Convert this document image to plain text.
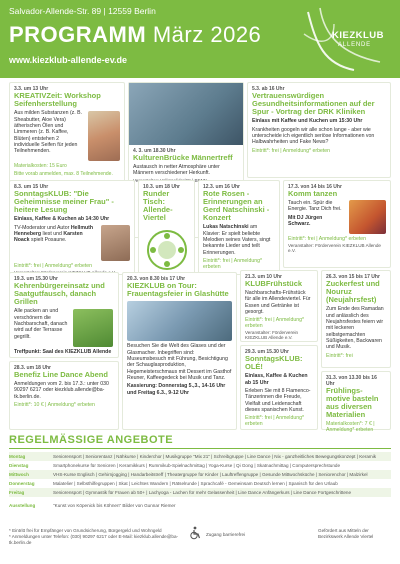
Salvador-Allende-Str. 89 | 12559 Berlin
PROGRAMM März 2026
www.kiezklub-allende-ev.de
KIEZKLUB
ALLENDE
3.3. um 13 Uhr
KREATIVZeit: Workshop Seifenherstellung
Aus milden Substanzen (z. B. Sheabutter, Aloe Vera) ätherischen Ölen und Limmeren (z. B. Kaffee, Blüten) entstehen 2 individuelle Seifen für jeden Teilnehmenden.
Materialkosten: 15 Euro
Bitte vorab anmelden, max. 8 Teilnehmende.
4. 3. um 18.30 Uhr
KulturenBrücke Männertreff
Austausch in netter Atmosphäre unter Männern verschiedener Herkunft.
5.3. ab 16 Uhr
Vertrauenswürdigen Gesundheitsinformationen auf der Spur - Vortrag der DRK Kliniken
Einlass mit Kaffee und Kuchen um 15:30 Uhr
Krankheiten googeln wir alle schon lange - aber wie unterscheide ich eigentlich seriöse Informationen von Halbwahrheiten und Fake News?
Eintritt*: frei | Anmeldung* erbeten
8.3. um 15 Uhr
SonntagsKLUB: "Die Geheimnisse meiner Frau" - heitere Lesung
Einlass, Kaffee & Kuchen ab 14:30 Uhr
TV-Moderator und Autor Hellmuth Henneberg liest und Karsten Noack spielt Posaune.
Eintritt*: frei | Anmeldung* erbeten
10.3. um 18 Uhr
Runder Tisch: Allende-Viertel
12.3. um 16 Uhr
Rote Rosen - Erinnerungen an Gerd Natschinski - Konzert
Lukas Natschinski am Klavier: Er spielt beliebte Melodien seines Vaters, singt bekannte Lieder und teilt Erinnerungen.
Eintritt*: frei | Anmeldung* erbeten
17.3. von 14 bis 16 Uhr
Komm tanzen
Tauch ein. Spür die Energie. Tanz Dich frei.
Mit DJ Jürgen Schwarz.
Eintritt*: frei | Anmeldung* erbeten
Veranstalter: Förderverein KIEZKLUB Allende e.V.
19.3. um 15.30 Uhr
Kehrenbürgereinsatz und Saatgutfausch, danach Grillen
Alle packen an und verschönern die Nachbarschaft, danach wird auf der Terrasse gegrillt.
Treffpunkt: Saal des KIEZKLUB Allende
20.3. von 8.30 bis 17 Uhr
KIEZKLUB on Tour: Frauentagsfeier in Glashütte
Besuchen Sie die Welt des Glases und der Glasmacher. Inbegriffen sind: Museumsbesuch mit Führung, Besichtigung der Schauglasproduktion, Hegemeisterschmaus mit Dessert im Gasthof Reuner, Kaffeegedeck bei Musik und Tanz.
Kassierung: Donnerstag 5.,3., 14-16 Uhr und Freitag 6.3., 9-12 Uhr
21.3. um 10 Uhr
KLUBFrühstück
Nachbarschafts-Frühstück für alle im Allendeviertel. Für Essen und Getränke ist gesorgt.
Eintritt*: frei | Anmeldung* erbeten
Veranstalter: Förderverein KIEZKLUB Allende e.V.
26.3. von 15 bis 17 Uhr
Zuckerfest und Nouruz (Neujahrsfest)
Zum Ende des Ramadan und anlässlich des Neujahrsfestes feiern wir mit leckeren selbstgemachten Süßigkeiten, Backwaren und Musik.
Eintritt*: frei
28.3. um 18 Uhr
Benefiz Line Dance Abend
Anmeldungen vom 2. bis 17.3.: unter 030 90297 6217 oder kiezklub.allende@ba-tk.berlin.de.
Eintritt*: 10 € | Anmeldung* erbeten
29.3. um 15.30 Uhr
SonntagsKLUB: OLÉ!
Einlass, Kaffee & Kuchen ab 15 Uhr
Erleben Sie mit 8 Flamenco-Tänzerinnen die Freude, Vielfalt und Leidenschaft dieses spanischen Kunst.
Eintritt*: frei | Anmeldung* erbeten
31.3. von 13.30 bis 16 Uhr
Frühlings-motive basteln aus diversen Materialien
Materialkosten*: 7 € | Anmeldung* erbeten
REGELMÄSSIGE ANGEBOTE
Montag	Seniorensport | Seniorentanz | Nähkurse | Kinderchor | Musikgruppe "Mix 21" | Schreibgruppe | Line Dance | Nix - ganzheitliches Bewegungskonzept | Keramik
Dienstag	Smartphonekurse für Senioren | Keramikkurs | Rummikub-Spielnachmittag | Yoga-Kurse | Qi Gong | Skatnachmittag | Computersprechstunde
Mittwoch	VHS-Kurse Englisch | Gehirnjogging | Handarbeitstreff | Theatergruppe für Kinder | Lauftreffengruppe | Gesunde Mittwochsküche | Seniorenchor | Malzirkel
Donnerstag	Malatelier | Selbsthilfegruppen | Skat | Leichtes Wandern | Rätselrunde | Sprachcafé - Gemeinsam Deutsch lernen | Spanisch für den Urlaub
Freitag	Seniorensport | Gymnastik für Frauen ab 50+ | Lachyoga - Lachen für mehr Gelassenheit | Line Dance Anfängerkurs | Line Dance Fortgeschrittene
Ausstellung	"Kunst von Köpenick bis Köhnen" Bilder von Gunnar Riemer
* Eintritt frei für Empfänger von Grundsicherung, Bürgergeld und Wohngeld
* Anmeldungen unter Telefon: (030) 90297 6217 oder E-Mail: kiezklub.allende@ba-tk.berlin.de
Zugang barrierefrei
Gefördert aus Mitteln der
Bezirkswerk Allende Viertel
